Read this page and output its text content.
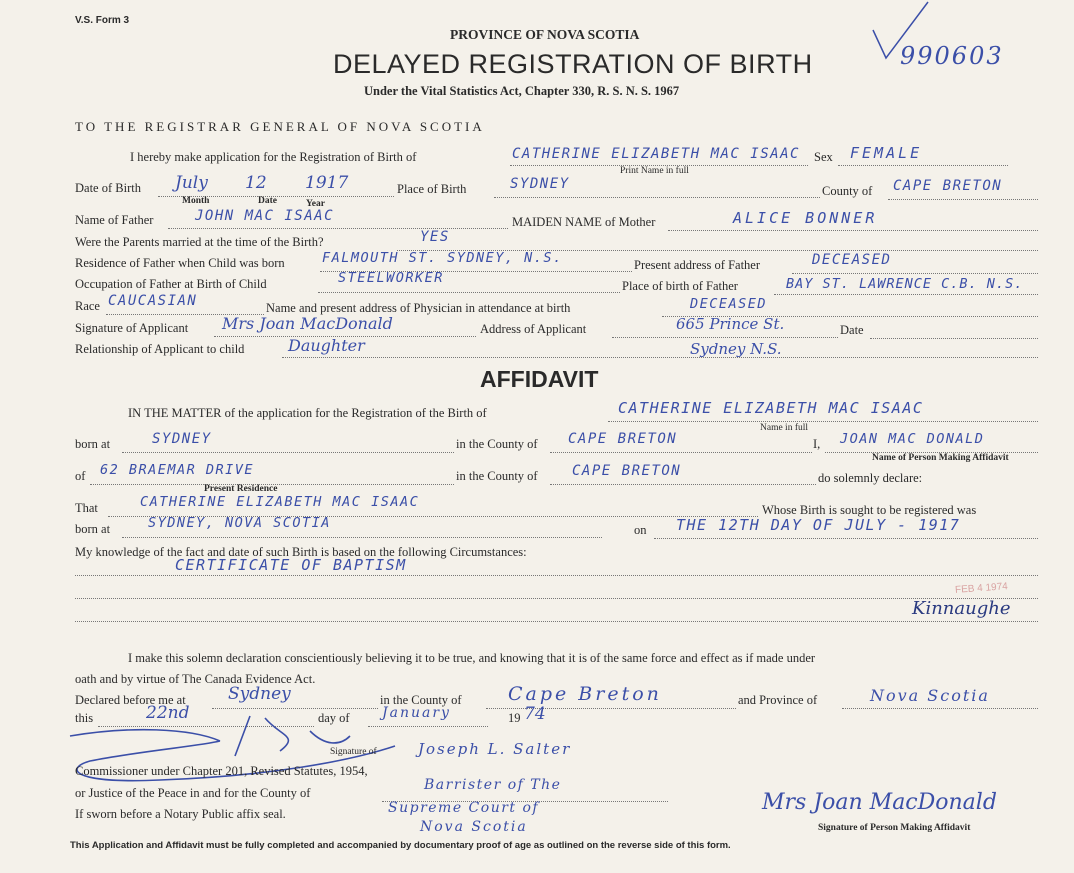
V.S. Form 3
PROVINCE OF NOVA SCOTIA
DELAYED REGISTRATION OF BIRTH
Under the Vital Statistics Act, Chapter 330, R. S. N. S. 1967
990603
TO THE REGISTRAR GENERAL OF NOVA SCOTIA
I hereby make application for the Registration of Birth of	CATHERINE ELIZABETH MAC ISAAC
Print Name in full
Sex FEMALE
Date of Birth July 12 1917
Month	Date	Year
Place of Birth	SYDNEY	County of CAPE BRETON
Name of Father	JOHN MAC ISAAC	MAIDEN NAME of Mother	ALICE BONNER
Were the Parents married at the time of the Birth?	YES
Residence of Father when Child was born	FALMOUTH ST. SYDNEY, N.S.	Present address of Father	DECEASED
Occupation of Father at Birth of Child	STEELWORKER	Place of birth of Father	BAY ST. LAWRENCE C.B. N.S.
Race CAUCASIAN	Name and present address of Physician in attendance at birth	DECEASED
Signature of Applicant Mrs Joan MacDonald	Address of Applicant	665 Prince St.	Date
Relationship of Applicant to child	Daughter	Sydney N.S.
AFFIDAVIT
IN THE MATTER of the application for the Registration of the Birth of	CATHERINE ELIZABETH MAC ISAAC
Name in full
born at	SYDNEY	in the County of CAPE BRETON	I, JOAN MAC DONALD
Name of Person Making Affidavit
of 62 BRAEMAR DRIVE
Present Residence
in the County of CAPE BRETON	do solemnly declare:
That	CATHERINE ELIZABETH MAC ISAAC	Whose Birth is sought to be registered was
born at	SYDNEY, NOVA SCOTIA	on THE 12TH DAY OF JULY - 1917
My knowledge of the fact and date of such Birth is based on the following Circumstances:
CERTIFICATE OF BAPTISM
FEB 4 1974
Kinnaughe
I make this solemn declaration conscientiously believing it to be true, and knowing that it is of the same force and effect as if made under
oath and by virtue of The Canada Evidence Act.
Declared before me at Sydney	in the County of Cape Breton	and Province of	Nova Scotia
this	22nd	day of January	19 74
Signature of	Joseph L. Salter
Commissioner under Chapter 201, Revised Statutes, 1954,
or Justice of the Peace in and for the County of	Barrister of The
If sworn before a Notary Public affix seal.	Supreme Court of
Nova Scotia
Mrs Joan MacDonald
Signature of Person Making Affidavit
This Application and Affidavit must be fully completed and accompanied by documentary proof of age as outlined on the reverse side of this form.
